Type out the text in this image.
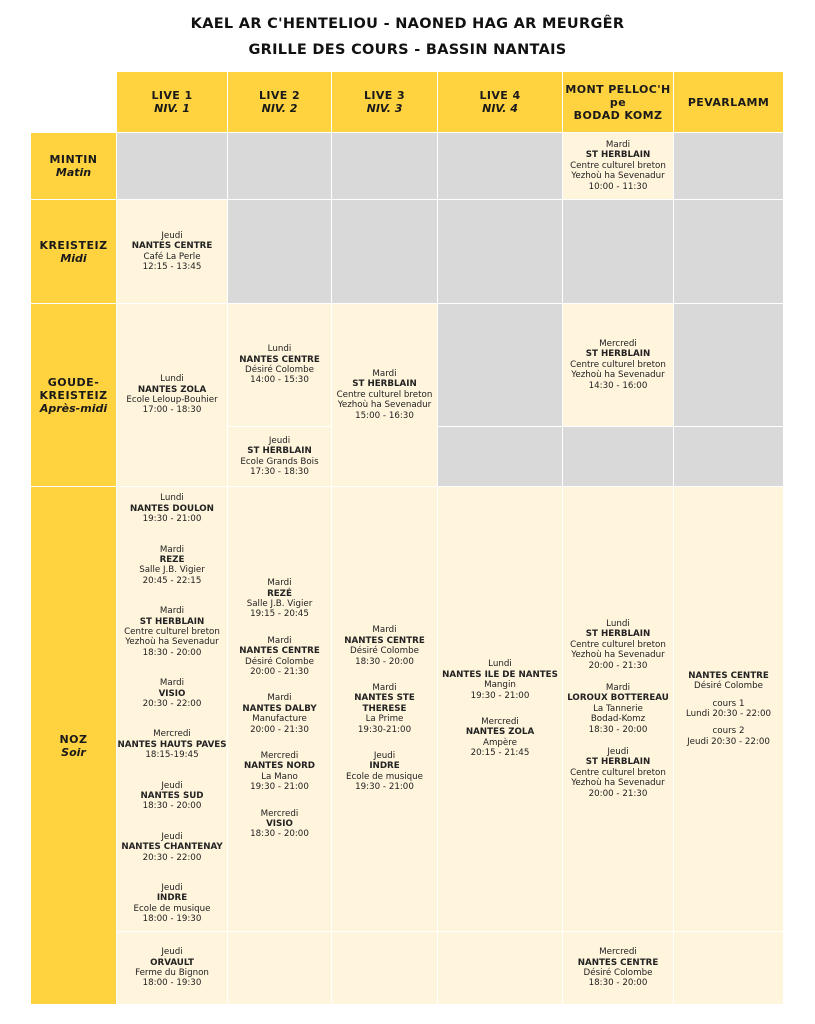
KAEL AR C'HENTELIOU - NAONED HAG AR MEURGÊR
GRILLE DES COURS - BASSIN NANTAIS
LIVE 1
NIV. 1
LIVE 2
NIV. 2
LIVE 3
NIV. 3
LIVE 4
NIV. 4
MONT PELLOC'H
pe
BODAD KOMZ
PEVARLAMM
MINTIN
Matin
KREISTEIZ
Midi
GOUDE-
KREISTEIZ
Après-midi
NOZ
Soir
Mardi
ST HERBLAIN
Centre culturel breton
Yezhoù ha Sevenadur
10:00 - 11:30
Jeudi
NANTES CENTRE
Café La Perle
12:15 - 13:45
Lundi
NANTES ZOLA
Ecole Leloup-Bouhier
17:00 - 18:30
Lundi
NANTES CENTRE
Désiré Colombe
14:00 - 15:30
Jeudi
ST HERBLAIN
Ecole Grands Bois
17:30 - 18:30
Mardi
ST HERBLAIN
Centre culturel breton
Yezhoù ha Sevenadur
15:00 - 16:30
Mercredi
ST HERBLAIN
Centre culturel breton
Yezhoù ha Sevenadur
14:30 - 16:00
Lundi
NANTES DOULON
19:30 - 21:00
Mardi
REZE
Salle J.B. Vigier
20:45 - 22:15
Mardi
ST HERBLAIN
Centre culturel breton
Yezhoù ha Sevenadur
18:30 - 20:00
Mardi
VISIO
20:30 - 22:00
Mercredi
NANTES HAUTS PAVES
18:15-19:45
Jeudi
NANTES SUD
18:30 - 20:00
Jeudi
NANTES CHANTENAY
20:30 - 22:00
Jeudi
INDRE
Ecole de musique
18:00 - 19:30
Jeudi
ORVAULT
Ferme du Bignon
18:00 - 19:30
Mardi
REZÉ
Salle J.B. Vigier
19:15 - 20:45
Mardi
NANTES CENTRE
Désiré Colombe
20:00 - 21:30
Mardi
NANTES DALBY
Manufacture
20:00 - 21:30
Mercredi
NANTES NORD
La Mano
19:30 - 21:00
Mercredi
VISIO
18:30 - 20:00
Mardi
NANTES CENTRE
Désiré Colombe
18:30 - 20:00
Mardi
NANTES STE THERESE
La Prime
19:30-21:00
Jeudi
INDRE
Ecole de musique
19:30 - 21:00
Lundi
NANTES ILE DE NANTES
Mangin
19:30 - 21:00
Mercredi
NANTES ZOLA
Ampère
20:15 - 21:45
Lundi
ST HERBLAIN
Centre culturel breton
Yezhoù ha Sevenadur
20:00 - 21:30
Mardi
LOROUX BOTTEREAU
La Tannerie
Bodad-Komz
18:30 - 20:00
Jeudi
ST HERBLAIN
Centre culturel breton
Yezhoù ha Sevenadur
20:00 - 21:30
Mercredi
NANTES CENTRE
Désiré Colombe
18:30 - 20:00
NANTES CENTRE
Désiré Colombe
cours 1
Lundi 20:30 - 22:00
cours 2
Jeudi 20:30 - 22:00
